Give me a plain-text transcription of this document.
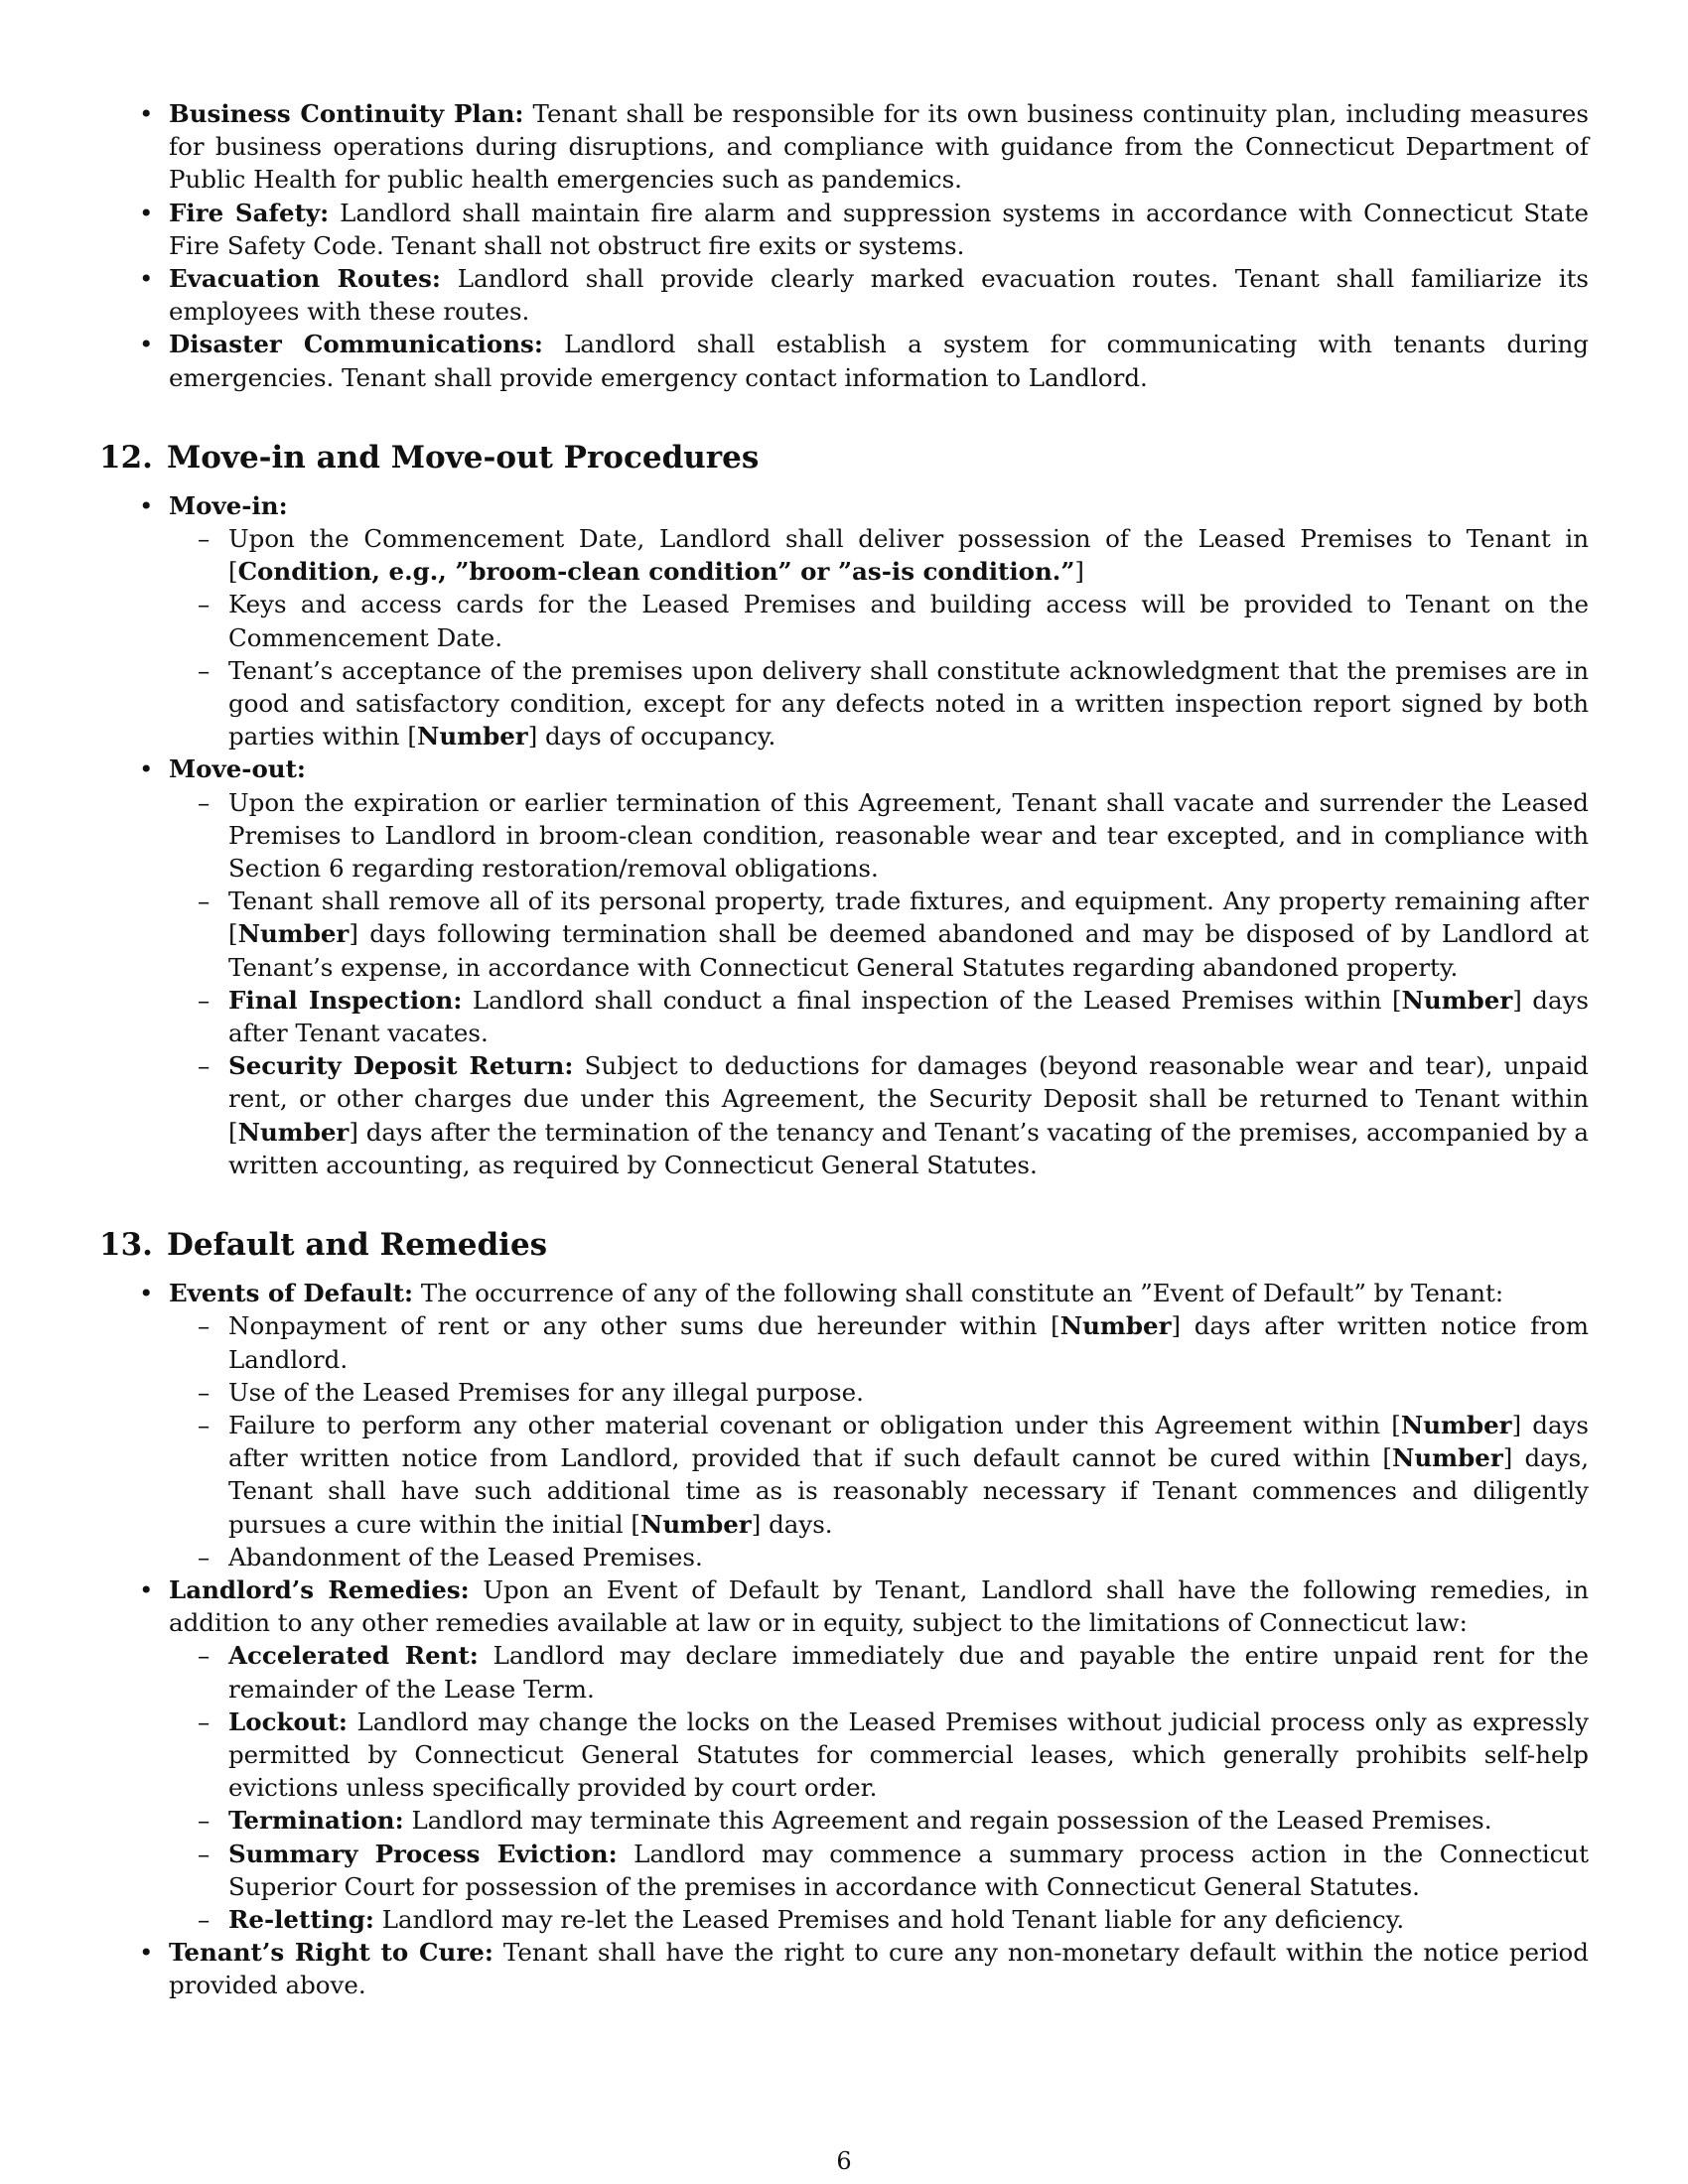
• Business Continuity Plan: Tenant shall be responsible for its own business continuity plan, including measures for business operations during disruptions, and compliance with guidance from the Connecticut Department of Public Health for public health emergencies such as pandemics.
• Fire Safety: Landlord shall maintain fire alarm and suppression systems in accordance with Connecticut State Fire Safety Code. Tenant shall not obstruct fire exits or systems.
• Evacuation Routes: Landlord shall provide clearly marked evacuation routes. Tenant shall familiarize its employees with these routes.
• Disaster Communications: Landlord shall establish a system for communicating with tenants during emergencies. Tenant shall provide emergency contact information to Landlord.
12. Move-in and Move-out Procedures
• Move-in:
– Upon the Commencement Date, Landlord shall deliver possession of the Leased Premises to Tenant in [Condition, e.g., ”broom-clean condition” or ”as-is condition.”]
– Keys and access cards for the Leased Premises and building access will be provided to Tenant on the Commencement Date.
– Tenant’s acceptance of the premises upon delivery shall constitute acknowledgment that the premises are in good and satisfactory condition, except for any defects noted in a written inspection report signed by both parties within [Number] days of occupancy.
• Move-out:
– Upon the expiration or earlier termination of this Agreement, Tenant shall vacate and surrender the Leased Premises to Landlord in broom-clean condition, reasonable wear and tear excepted, and in compliance with Section 6 regarding restoration/removal obligations.
– Tenant shall remove all of its personal property, trade fixtures, and equipment. Any property remaining after [Number] days following termination shall be deemed abandoned and may be disposed of by Landlord at Tenant’s expense, in accordance with Connecticut General Statutes regarding abandoned property.
– Final Inspection: Landlord shall conduct a final inspection of the Leased Premises within [Number] days after Tenant vacates.
– Security Deposit Return: Subject to deductions for damages (beyond reasonable wear and tear), unpaid rent, or other charges due under this Agreement, the Security Deposit shall be returned to Tenant within [Number] days after the termination of the tenancy and Tenant’s vacating of the premises, accompanied by a written accounting, as required by Connecticut General Statutes.
13. Default and Remedies
• Events of Default: The occurrence of any of the following shall constitute an ”Event of Default” by Tenant:
– Nonpayment of rent or any other sums due hereunder within [Number] days after written notice from Landlord.
– Use of the Leased Premises for any illegal purpose.
– Failure to perform any other material covenant or obligation under this Agreement within [Number] days after written notice from Landlord, provided that if such default cannot be cured within [Number] days, Tenant shall have such additional time as is reasonably necessary if Tenant commences and diligently pursues a cure within the initial [Number] days.
– Abandonment of the Leased Premises.
• Landlord’s Remedies: Upon an Event of Default by Tenant, Landlord shall have the following remedies, in addition to any other remedies available at law or in equity, subject to the limitations of Connecticut law:
– Accelerated Rent: Landlord may declare immediately due and payable the entire unpaid rent for the remainder of the Lease Term.
– Lockout: Landlord may change the locks on the Leased Premises without judicial process only as expressly permitted by Connecticut General Statutes for commercial leases, which generally prohibits self-help evictions unless specifically provided by court order.
– Termination: Landlord may terminate this Agreement and regain possession of the Leased Premises.
– Summary Process Eviction: Landlord may commence a summary process action in the Connecticut Superior Court for possession of the premises in accordance with Connecticut General Statutes.
– Re-letting: Landlord may re-let the Leased Premises and hold Tenant liable for any deficiency.
• Tenant’s Right to Cure: Tenant shall have the right to cure any non-monetary default within the notice period provided above.
6
